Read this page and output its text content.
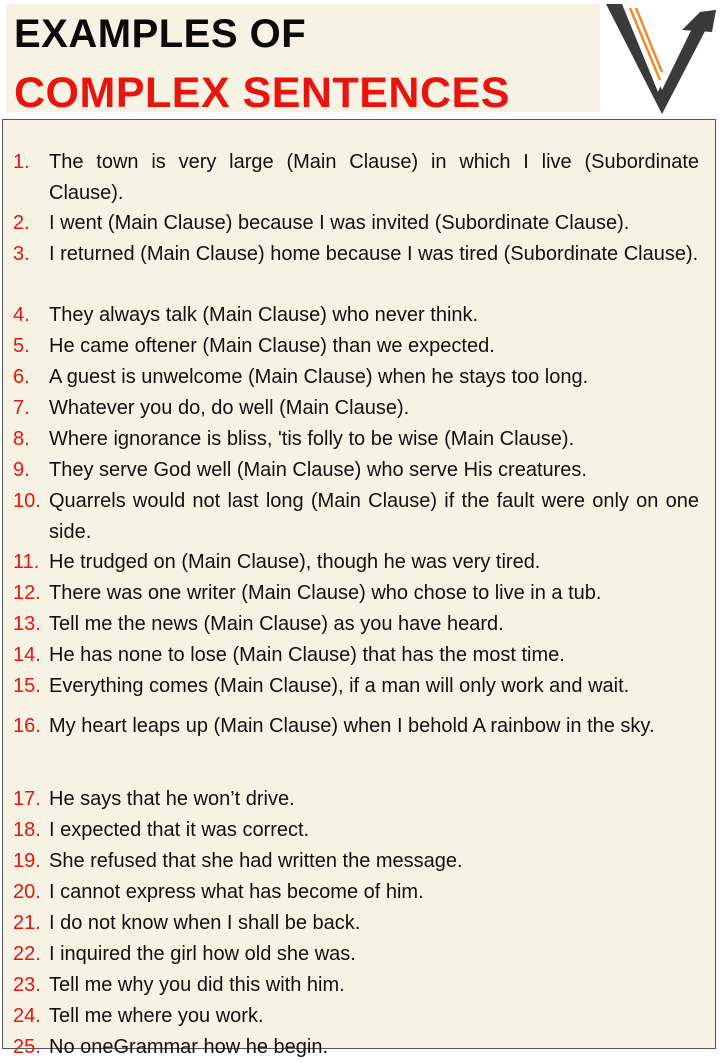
EXAMPLES OF
COMPLEX SENTENCES
1. The town is very large (Main Clause) in which I live (Subordinate Clause).
2. I went (Main Clause) because I was invited (Subordinate Clause).
3. I returned (Main Clause) home because I was tired (Subordinate Clause).
4. They always talk (Main Clause) who never think.
5. He came oftener (Main Clause) than we expected.
6. A guest is unwelcome (Main Clause) when he stays too long.
7. Whatever you do, do well (Main Clause).
8. Where ignorance is bliss, 'tis folly to be wise (Main Clause).
9. They serve God well (Main Clause) who serve His creatures.
10. Quarrels would not last long (Main Clause) if the fault were only on one side.
11. He trudged on (Main Clause), though he was very tired.
12. There was one writer (Main Clause) who chose to live in a tub.
13. Tell me the news (Main Clause) as you have heard.
14. He has none to lose (Main Clause) that has the most time.
15. Everything comes (Main Clause), if a man will only work and wait.
16. My heart leaps up (Main Clause) when I behold A rainbow in the sky.
17. He says that he won’t drive.
18. I expected that it was correct.
19. She refused that she had written the message.
20. I cannot express what has become of him.
21. I do not know when I shall be back.
22. I inquired the girl how old she was.
23. Tell me why you did this with him.
24. Tell me where you work.
25. No oneGrammar how he begin.
